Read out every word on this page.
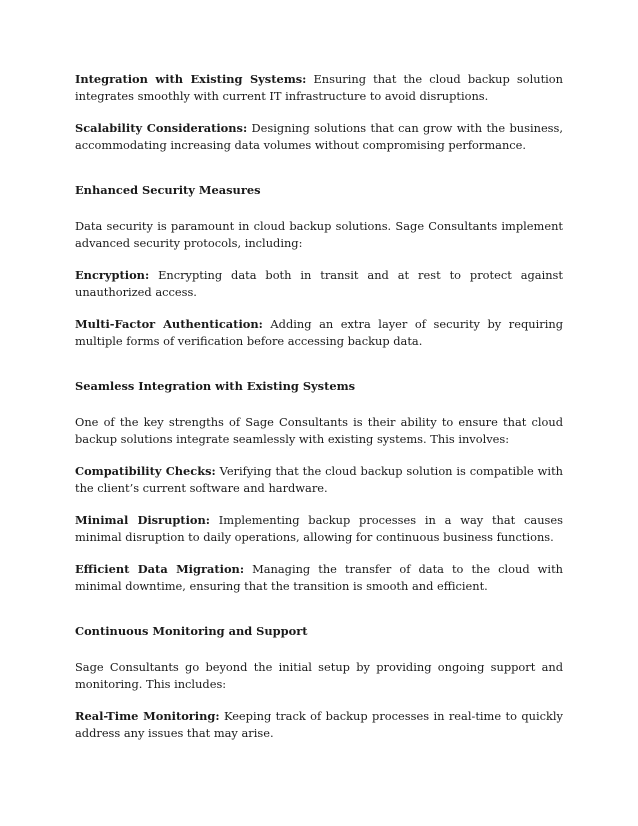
Integration with Existing Systems: Ensuring that the cloud backup solution integrates smoothly with current IT infrastructure to avoid disruptions.

Scalability Considerations: Designing solutions that can grow with the business, accommodating increasing data volumes without compromising performance.

Enhanced Security Measures

Data security is paramount in cloud backup solutions. Sage Consultants implement advanced security protocols, including:

Encryption: Encrypting data both in transit and at rest to protect against unauthorized access.

Multi-Factor Authentication: Adding an extra layer of security by requiring multiple forms of verification before accessing backup data.

Seamless Integration with Existing Systems

One of the key strengths of Sage Consultants is their ability to ensure that cloud backup solutions integrate seamlessly with existing systems. This involves:

Compatibility Checks: Verifying that the cloud backup solution is compatible with the client’s current software and hardware.

Minimal Disruption: Implementing backup processes in a way that causes minimal disruption to daily operations, allowing for continuous business functions.

Efficient Data Migration: Managing the transfer of data to the cloud with minimal downtime, ensuring that the transition is smooth and efficient.

Continuous Monitoring and Support

Sage Consultants go beyond the initial setup by providing ongoing support and monitoring. This includes:

Real-Time Monitoring: Keeping track of backup processes in real-time to quickly address any issues that may arise.
